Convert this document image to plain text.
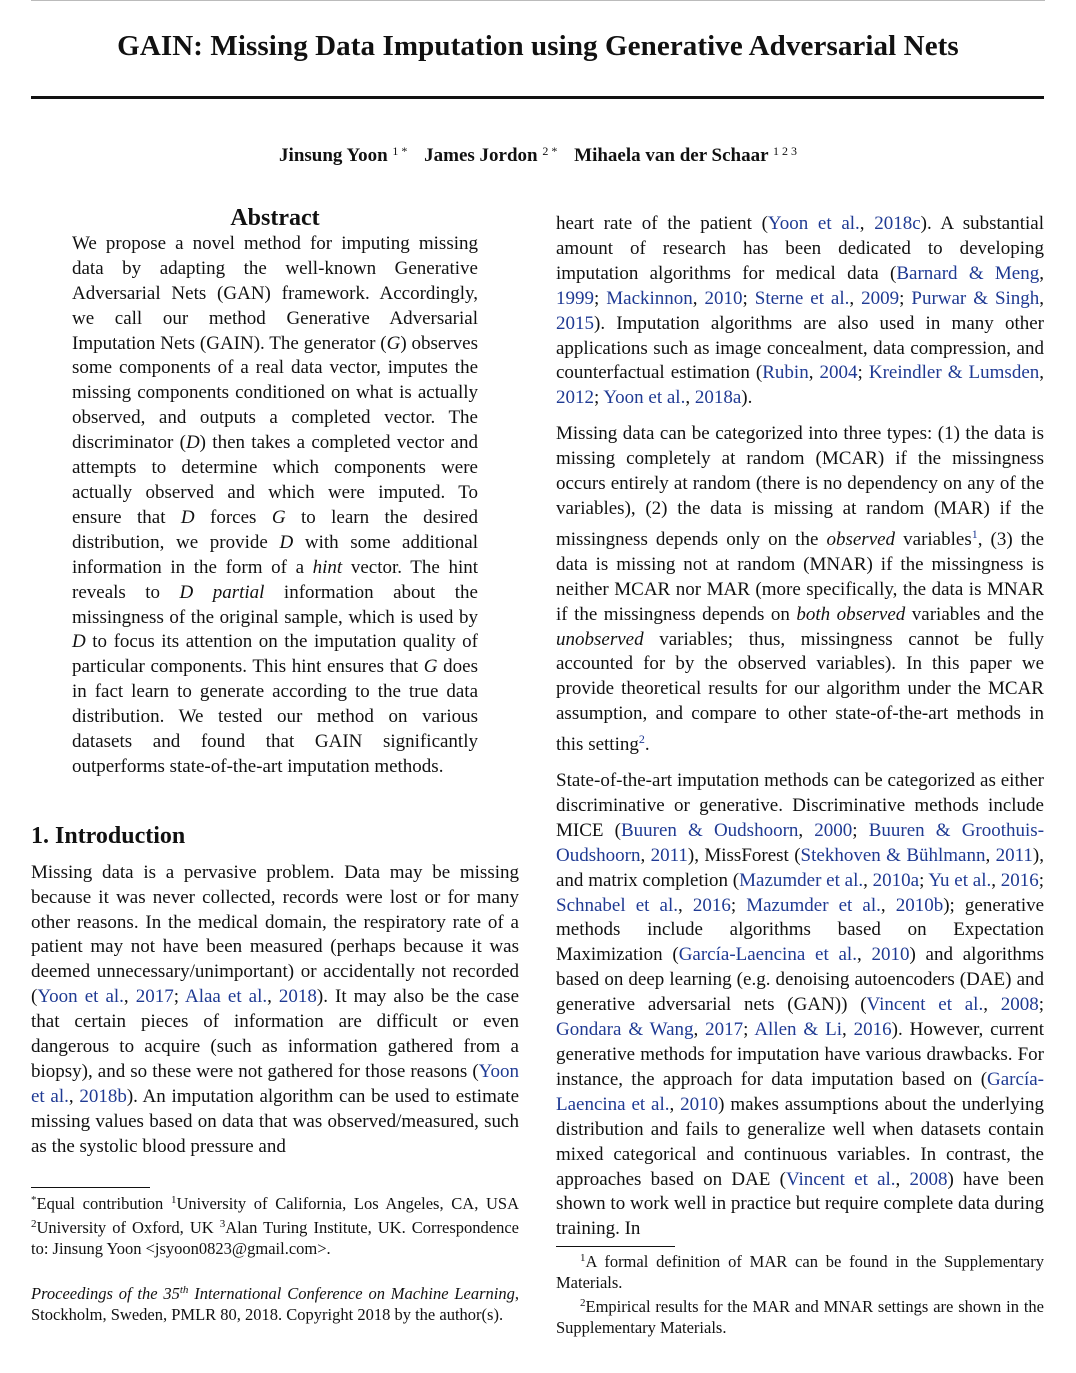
GAIN: Missing Data Imputation using Generative Adversarial Nets
Jinsung Yoon $^{1 *}$ James Jordon $^{2 *}$ Mihaela van der Schaar $^{1 2 3}$
Abstract

We propose a novel method for imputing missing data by adapting the well-known Generative Adversarial Nets (GAN) framework. Accordingly, we call our method Generative Adversarial Imputation Nets (GAIN). The generator (G) observes some components of a real data vector, imputes the missing components conditioned on what is actually observed, and outputs a completed vector. The discriminator (D) then takes a completed vector and attempts to determine which components were actually observed and which were imputed. To ensure that D forces G to learn the desired distribution, we provide D with some additional information in the form of a hint vector. The hint reveals to D partial information about the missingness of the original sample, which is used by D to focus its attention on the imputation quality of particular components. This hint ensures that G does in fact learn to generate according to the true data distribution. We tested our method on various datasets and found that GAIN significantly outperforms state-of-the-art imputation methods.

1. Introduction

Missing data is a pervasive problem. Data may be missing because it was never collected, records were lost or for many other reasons. In the medical domain, the respiratory rate of a patient may not have been measured (perhaps because it was deemed unnecessary/unimportant) or accidentally not recorded (Yoon et al., 2017; Alaa et al., 2018). It may also be the case that certain pieces of information are difficult or even dangerous to acquire (such as information gathered from a biopsy), and so these were not gathered for those reasons (Yoon et al., 2018b). An imputation algorithm can be used to estimate missing values based on data that was observed/measured, such as the systolic blood pressure and

*Equal contribution $^1$University of California, Los Angeles, CA, USA $^2$University of Oxford, UK $^3$Alan Turing Institute, UK. Correspondence to: Jinsung Yoon <jsyoon0823@gmail.com>.

Proceedings of the 35th International Conference on Machine Learning, Stockholm, Sweden, PMLR 80, 2018. Copyright 2018 by the author(s).

heart rate of the patient (Yoon et al., 2018c). A substantial amount of research has been dedicated to developing imputation algorithms for medical data (Barnard & Meng, 1999; Mackinnon, 2010; Sterne et al., 2009; Purwar & Singh, 2015). Imputation algorithms are also used in many other applications such as image concealment, data compression, and counterfactual estimation (Rubin, 2004; Kreindler & Lumsden, 2012; Yoon et al., 2018a).

Missing data can be categorized into three types: (1) the data is missing completely at random (MCAR) if the missingness occurs entirely at random (there is no dependency on any of the variables), (2) the data is missing at random (MAR) if the missingness depends only on the observed variables$^1$, (3) the data is missing not at random (MNAR) if the missingness is neither MCAR nor MAR (more specifically, the data is MNAR if the missingness depends on both observed variables and the unobserved variables; thus, missingness cannot be fully accounted for by the observed variables). In this paper we provide theoretical results for our algorithm under the MCAR assumption, and compare to other state-of-the-art methods in this setting$^2$.

State-of-the-art imputation methods can be categorized as either discriminative or generative. Discriminative methods include MICE (Buuren & Oudshoorn, 2000; Buuren & Groothuis-Oudshoorn, 2011), MissForest (Stekhoven & Bühlmann, 2011), and matrix completion (Mazumder et al., 2010a; Yu et al., 2016; Schnabel et al., 2016; Mazumder et al., 2010b); generative methods include algorithms based on Expectation Maximization (García-Laencina et al., 2010) and algorithms based on deep learning (e.g. denoising autoencoders (DAE) and generative adversarial nets (GAN)) (Vincent et al., 2008; Gondara & Wang, 2017; Allen & Li, 2016). However, current generative methods for imputation have various drawbacks. For instance, the approach for data imputation based on (García-Laencina et al., 2010) makes assumptions about the underlying distribution and fails to generalize well when datasets contain mixed categorical and continuous variables. In contrast, the approaches based on DAE (Vincent et al., 2008) have been shown to work well in practice but require complete data during training. In

$^1$A formal definition of MAR can be found in the Supplementary Materials.

$^2$Empirical results for the MAR and MNAR settings are shown in the Supplementary Materials.
